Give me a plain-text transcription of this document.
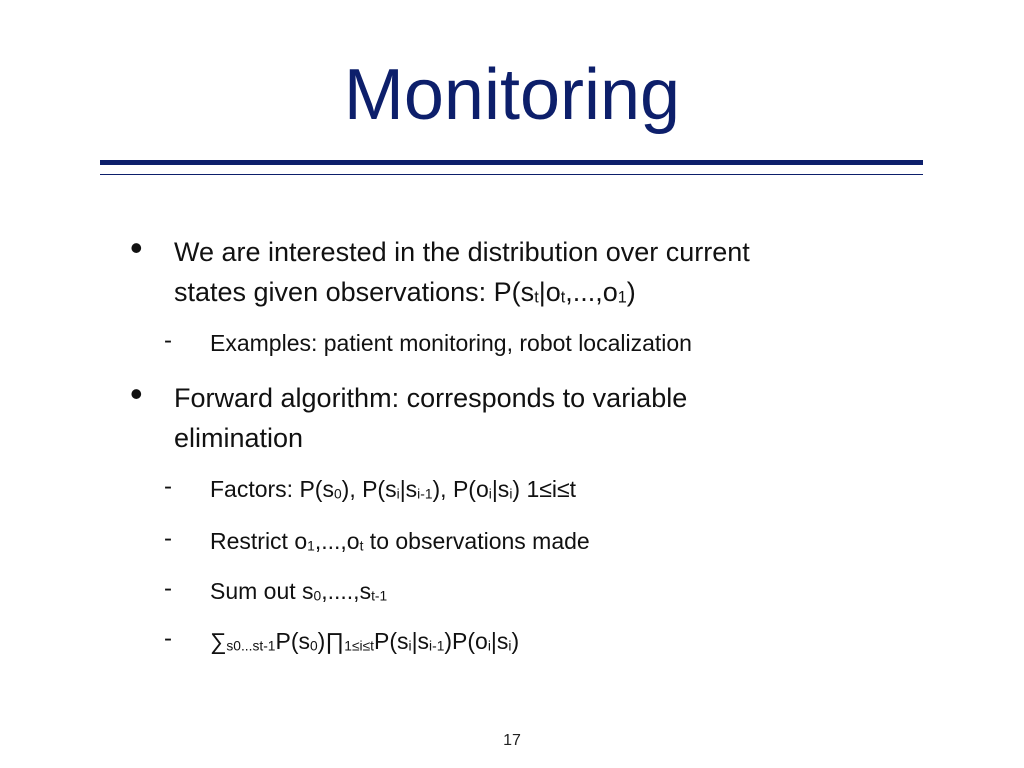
Monitoring
• We are interested in the distribution over current
states given observations: $P(s_t|o_t,...,o_1)$

- Examples: patient monitoring, robot localization

• Forward algorithm: corresponds to variable
elimination

- Factors: $P(s_0)$, $P(s_i|s_{i-1})$, $P(o_i|s_i)$ 1≤i≤t

- Restrict $o_1,...,o_t$ to observations made

- Sum out $s_0,....,s_{t-1}$

- $\sum_{s0...st-1}P(s_0)\prod_{1\le i\le t}P(s_i|s_{i-1})P(o_i|s_i)$

17
